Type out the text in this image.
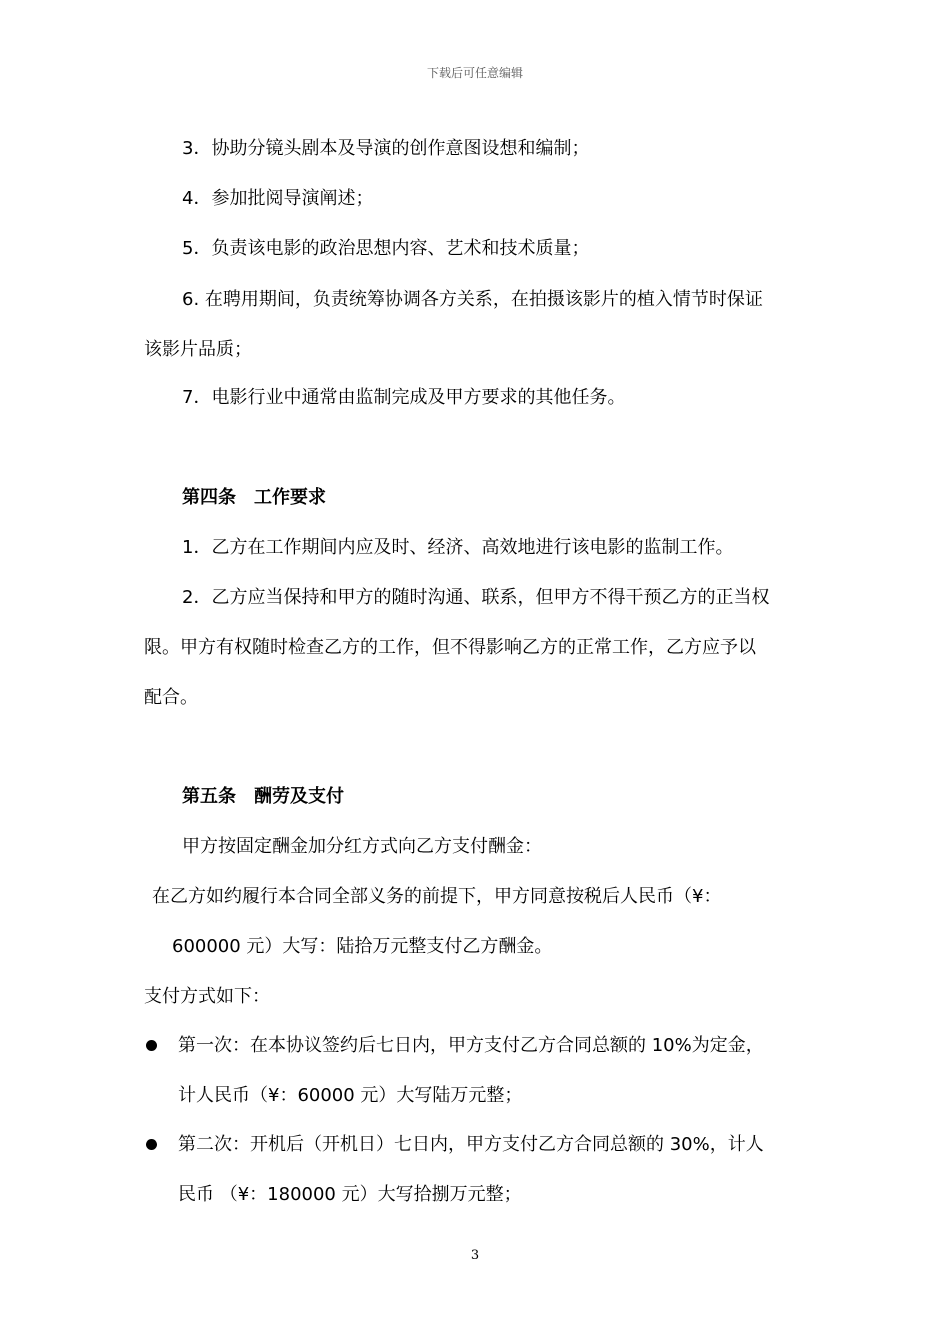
下载后可任意编辑
3．协助分镜头剧本及导演的创作意图设想和编制；
4．参加批阅导演阐述；
5．负责该电影的政治思想内容、艺术和技术质量；
6. 在聘用期间，负责统筹协调各方关系，在拍摄该影片的植入情节时保证
该影片品质；
7．电影行业中通常由监制完成及甲方要求的其他任务。
第四条　工作要求
1．乙方在工作期间内应及时、经济、高效地进行该电影的监制工作。
2．乙方应当保持和甲方的随时沟通、联系，但甲方不得干预乙方的正当权
限。甲方有权随时检查乙方的工作，但不得影响乙方的正常工作，乙方应予以
配合。
第五条　酬劳及支付
甲方按固定酬金加分红方式向乙方支付酬金：
在乙方如约履行本合同全部义务的前提下，甲方同意按税后人民币（¥：
600000 元）大写：陆拾万元整支付乙方酬金。
支付方式如下：
第一次：在本协议签约后七日内，甲方支付乙方合同总额的 10%为定金，
计人民币（¥：60000 元）大写陆万元整；
第二次：开机后（开机日）七日内，甲方支付乙方合同总额的 30%，计人
民币 （¥：180000 元）大写拾捌万元整；
3
